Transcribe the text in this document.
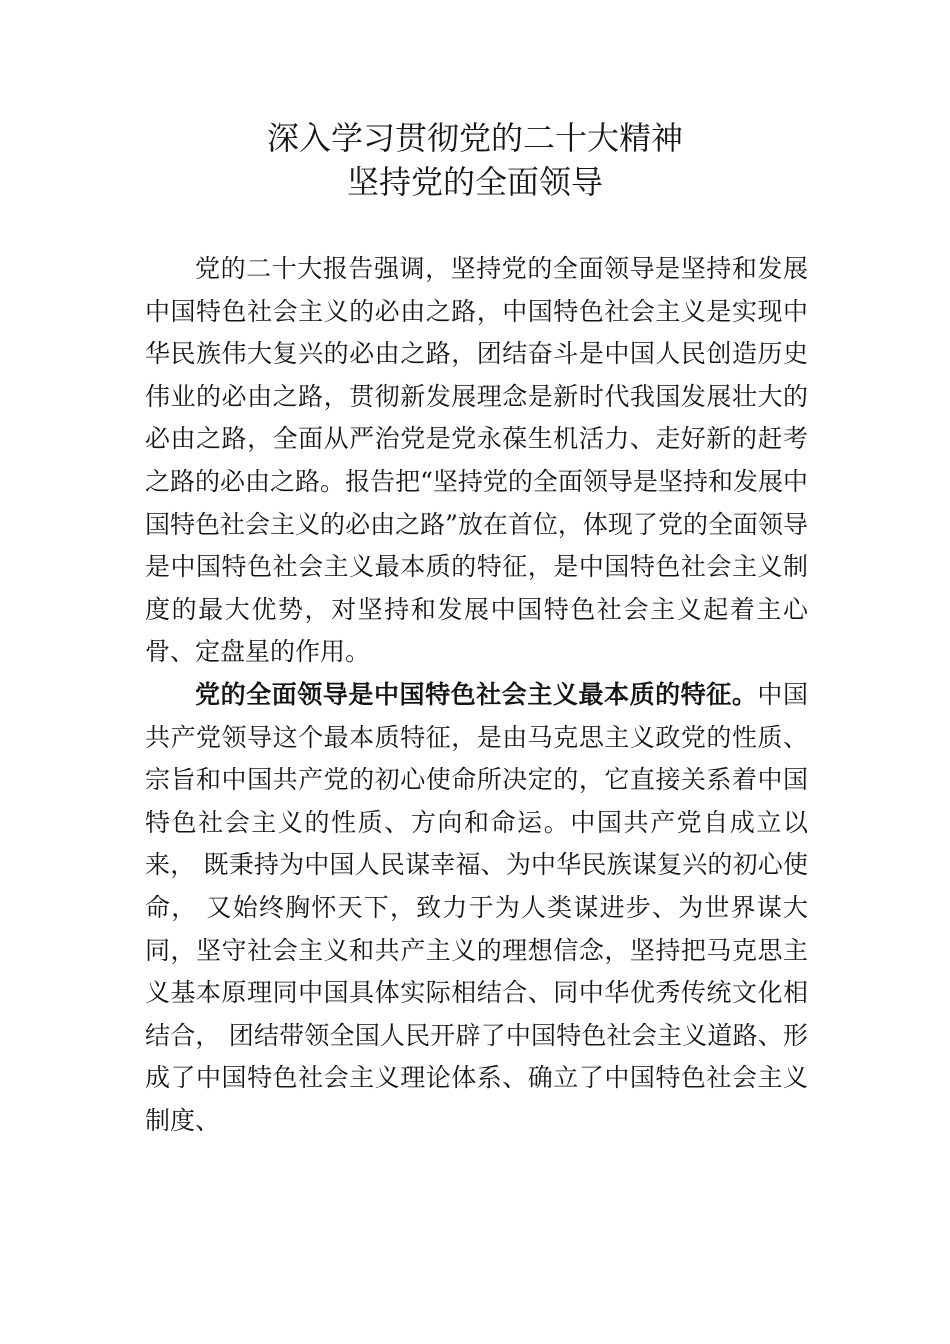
深入学习贯彻党的二十大精神
坚持党的全面领导

党的二十大报告强调，坚持党的全面领导是坚持和发展中国特色社会主义的必由之路，中国特色社会主义是实现中华民族伟大复兴的必由之路，团结奋斗是中国人民创造历史伟业的必由之路，贯彻新发展理念是新时代我国发展壮大的必由之路，全面从严治党是党永葆生机活力、走好新的赶考之路的必由之路。报告把“坚持党的全面领导是坚持和发展中国特色社会主义的必由之路”放在首位，体现了党的全面领导是中国特色社会主义最本质的特征，是中国特色社会主义制度的最大优势，对坚持和发展中国特色社会主义起着主心骨、定盘星的作用。

党的全面领导是中国特色社会主义最本质的特征。中国共产党领导这个最本质特征，是由马克思主义政党的性质、 宗旨和中国共产党的初心使命所决定的，它直接关系着中国特色社会主义的性质、方向和命运。中国共产党自成立以来， 既秉持为中国人民谋幸福、为中华民族谋复兴的初心使命， 又始终胸怀天下，致力于为人类谋进步、为世界谋大同，坚守社会主义和共产主义的理想信念，坚持把马克思主义基本原理同中国具体实际相结合、同中华优秀传统文化相结合， 团结带领全国人民开辟了中国特色社会主义道路、形成了中国特色社会主义理论体系、确立了中国特色社会主义制度、
